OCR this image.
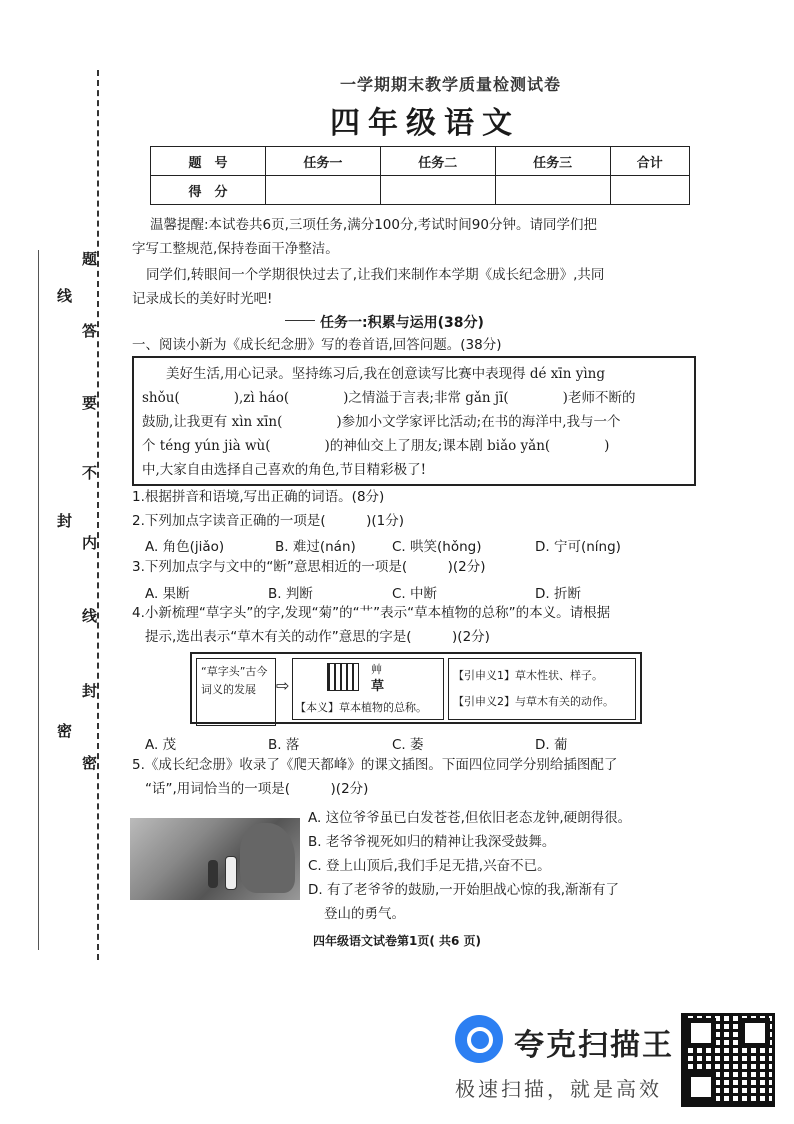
线
封
密
题
答
要
不
内
线
封
密
一学期期末教学质量检测试卷
四年级语文
题　号	任务一	任务二	任务三	合计
得　分				
温馨提醒:本试卷共6页,三项任务,满分100分,考试时间90分钟。请同学们把
字写工整规范,保持卷面干净整洁。
同学们,转眼间一个学期很快过去了,让我们来制作本学期《成长纪念册》,共同
记录成长的美好时光吧!
任务一:积累与运用(38分)
一、阅读小新为《成长纪念册》写的卷首语,回答问题。(38分)
美好生活,用心记录。坚持练习后,我在创意读写比赛中表现得 dé xīn yìng
shǒu(　　　　),zì háo(　　　　)之情溢于言表;非常 gǎn jī(　　　　)老师不断的
鼓励,让我更有 xìn xīn(　　　　)参加小文学家评比活动;在书的海洋中,我与一个
个 téng yún jià wù(　　　　)的神仙交上了朋友;课本剧 biǎo yǎn(　　　　)
中,大家自由选择自己喜欢的角色,节目精彩极了!
1.根据拼音和语境,写出正确的词语。(8分)
2.下列加点字读音正确的一项是(　　　)(1分)
A. 角色(jiǎo)	B. 难过(nán)	C. 哄笑(hǒng)	D. 宁可(níng)
3.下列加点字与文中的“断”意思相近的一项是(　　　)(2分)
A. 果断	B. 判断	C. 中断	D. 折断
4.小新梳理“草字头”的字,发现“菊”的“艹”表示“草本植物的总称”的本义。请根据
提示,选出表示“草木有关的动作”意思的字是(　　　)(2分)
“草字头”古今词义的发展	⇨
艸
草
【本义】草本植物的总称。
【引申义1】草木性状、样子。
【引申义2】与草木有关的动作。
A. 茂	B. 落	C. 萎	D. 葡
5.《成长纪念册》收录了《爬天都峰》的课文插图。下面四位同学分别给插图配了
“话”,用词恰当的一项是(　　　)(2分)
A. 这位爷爷虽已白发苍苍,但依旧老态龙钟,硬朗得很。
B. 老爷爷视死如归的精神让我深受鼓舞。
C. 登上山顶后,我们手足无措,兴奋不已。
D. 有了老爷爷的鼓励,一开始胆战心惊的我,渐渐有了
登山的勇气。
四年级语文试卷第1页( 共6 页)
夸克扫描王
极速扫描，就是高效
